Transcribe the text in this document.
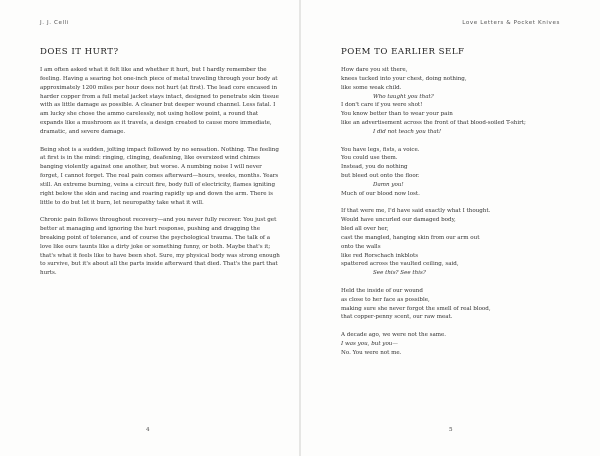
J. J. Celli
DOES IT HURT?

I am often asked what it felt like and whether it hurt, but I hardly remember the feeling. Having a searing hot one-inch piece of metal traveling through your body at approximately 1200 miles per hour does not hurt (at first). The lead core encased in harder copper from a full metal jacket stays intact, designed to penetrate skin tissue with as little damage as possible. A cleaner but deeper wound channel. Less fatal. I am lucky she chose the ammo carelessly, not using hollow point, a round that expands like a mushroom as it travels, a design created to cause more immediate, dramatic, and severe damage.

Being shot is a sudden, jolting impact followed by no sensation. Nothing. The feeling at first is in the mind: ringing, clinging, deafening, like oversized wind chimes banging violently against one another, but worse. A numbing noise I will never forget, I cannot forget. The real pain comes afterward—hours, weeks, months. Years still. An extreme burning, veins a circuit fire, body full of electricity, flames igniting right below the skin and racing and roaring rapidly up and down the arm. There is little to do but let it burn, let neuropathy take what it will.

Chronic pain follows throughout recovery—and you never fully recover. You just get better at managing and ignoring the hurt response, pushing and dragging the breaking point of tolerance, and of course the psychological trauma. The talk of a love like ours taunts like a dirty joke or something funny, or both. Maybe that's it; that's what it feels like to have been shot. Sure, my physical body was strong enough to survive, but it's about all the parts inside afterward that died. That's the part that hurts.

4
Love Letters & Pocket Knives
POEM TO EARLIER SELF
How dare you sit there,
knees tucked into your chest, doing nothing,
like some weak child.
Who taught you that?
I don't care if you were shot!
You know better than to wear your pain
like an advertisement across the front of that blood-soiled T-shirt;
I did not teach you that!
You have legs, fists, a voice.
You could use them.
Instead, you do nothing
but bleed out onto the floor.
Damn you!
Much of our blood now lost.
If that were me, I'd have said exactly what I thought.
Would have uncurled our damaged body,
bled all over her,
cast the mangled, hanging skin from our arm out
onto the walls
like red Rorschach inkblots
spattered across the vaulted ceiling, said,
See this? See this?
Held the inside of our wound
as close to her face as possible,
making sure she never forgot the smell of real blood,
that copper-penny scent, our raw meat.
A decade ago, we were not the same.
I was you, but you—
No. You were not me.
5
